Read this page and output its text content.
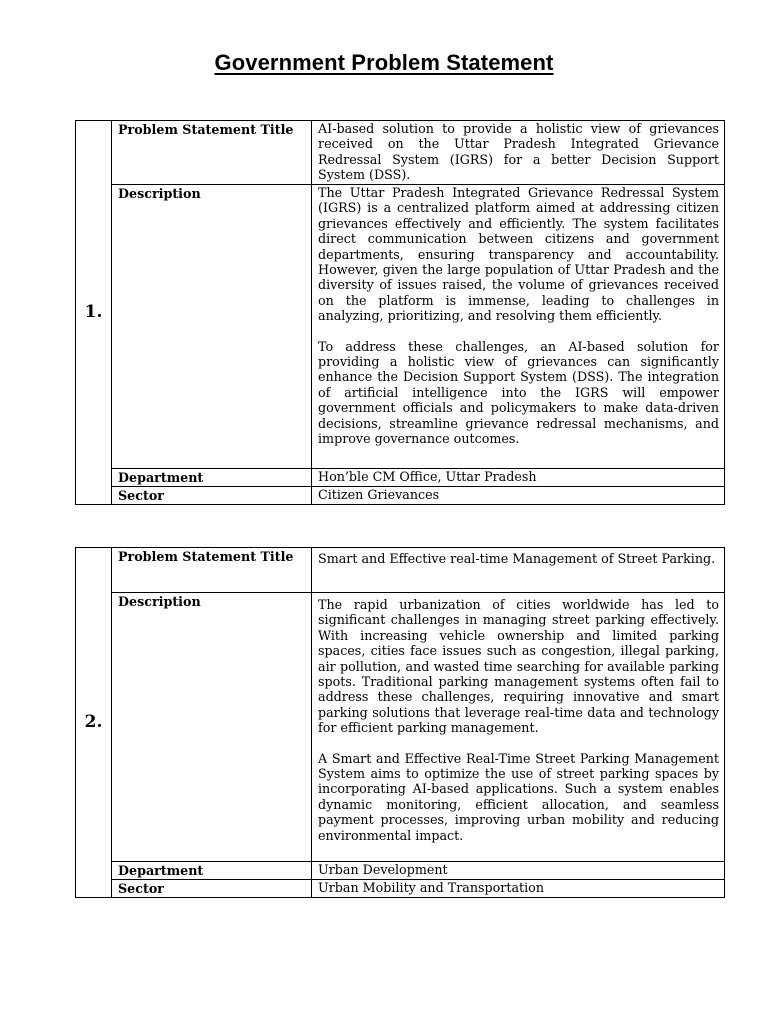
Government Problem Statement
1.	Problem Statement Title	AI-based solution to provide a holistic view of grievances received on the Uttar Pradesh Integrated Grievance Redressal System (IGRS) for a better Decision Support System (DSS).
	Description	The Uttar Pradesh Integrated Grievance Redressal System (IGRS) is a centralized platform aimed at addressing citizen grievances effectively and efficiently. The system facilitates direct communication between citizens and government departments, ensuring transparency and accountability. However, given the large population of Uttar Pradesh and the diversity of issues raised, the volume of grievances received on the platform is immense, leading to challenges in analyzing, prioritizing, and resolving them efficiently.

To address these challenges, an AI-based solution for providing a holistic view of grievances can significantly enhance the Decision Support System (DSS). The integration of artificial intelligence into the IGRS will empower government officials and policymakers to make data-driven decisions, streamline grievance redressal mechanisms, and improve governance outcomes.

	Department	Hon’ble CM Office, Uttar Pradesh
	Sector	Citizen Grievances
2.	Problem Statement Title	Smart and Effective real-time Management of Street Parking.
	Description	The rapid urbanization of cities worldwide has led to significant challenges in managing street parking effectively. With increasing vehicle ownership and limited parking spaces, cities face issues such as congestion, illegal parking, air pollution, and wasted time searching for available parking spots. Traditional parking management systems often fail to address these challenges, requiring innovative and smart parking solutions that leverage real-time data and technology for efficient parking management.

A Smart and Effective Real-Time Street Parking Management System aims to optimize the use of street parking spaces by incorporating AI-based applications. Such a system enables dynamic monitoring, efficient allocation, and seamless payment processes, improving urban mobility and reducing environmental impact.

	Department	Urban Development
	Sector	Urban Mobility and Transportation
